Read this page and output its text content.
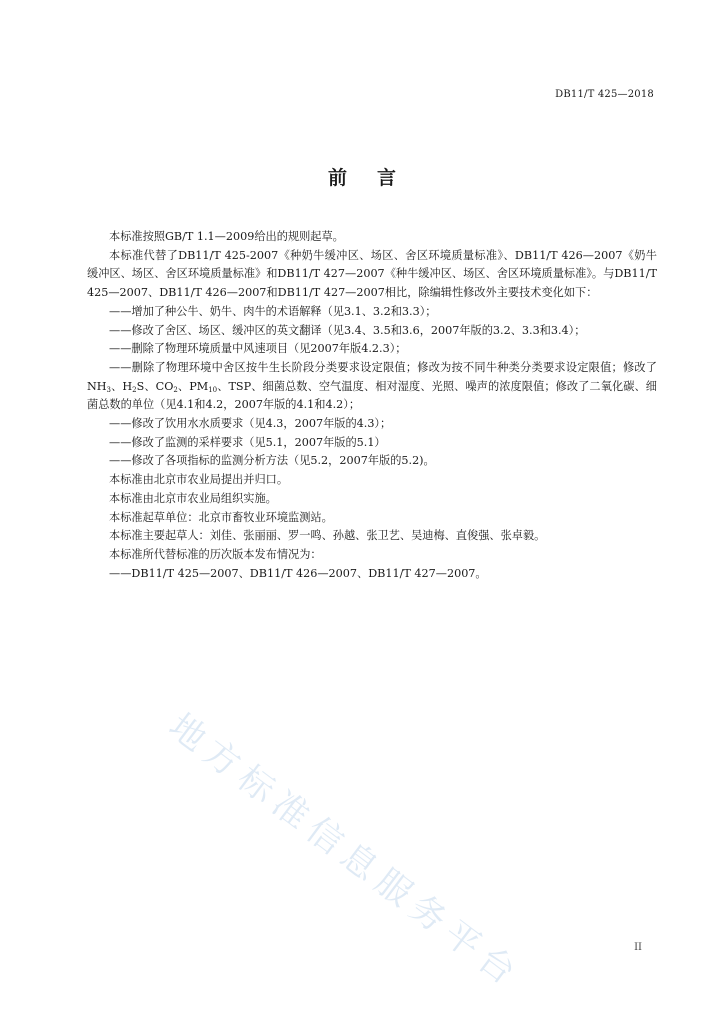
DB11/T 425—2018
前言

本标准按照GB/T 1.1—2009给出的规则起草。

本标准代替了DB11/T 425-2007《种奶牛缓冲区、场区、舍区环境质量标准》、DB11/T 426—2007《奶牛缓冲区、场区、舍区环境质量标准》和DB11/T 427—2007《种牛缓冲区、场区、舍区环境质量标准》。与DB11/T 425—2007、DB11/T 426—2007和DB11/T 427—2007相比，除编辑性修改外主要技术变化如下：

——增加了种公牛、奶牛、肉牛的术语解释（见3.1、3.2和3.3）；

——修改了舍区、场区、缓冲区的英文翻译（见3.4、3.5和3.6，2007年版的3.2、3.3和3.4）；

——删除了物理环境质量中风速项目（见2007年版4.2.3）；

——删除了物理环境中舍区按牛生长阶段分类要求设定限值；修改为按不同牛种类分类要求设定限值；修改了$NH_3$、$H_2S$、$CO_2$、$PM_{10}$、TSP、细菌总数、空气温度、相对湿度、光照、噪声的浓度限值；修改了二氧化碳、细菌总数的单位（见4.1和4.2，2007年版的4.1和4.2）；

——修改了饮用水水质要求（见4.3，2007年版的4.3）；

——修改了监测的采样要求（见5.1，2007年版的5.1）

——修改了各项指标的监测分析方法（见5.2，2007年版的5.2)。

本标准由北京市农业局提出并归口。

本标准由北京市农业局组织实施。

本标准起草单位：北京市畜牧业环境监测站。

本标准主要起草人：刘佳、张丽丽、罗一鸣、孙越、张卫艺、吴迪梅、直俊强、张卓毅。

本标准所代替标准的历次版本发布情况为：

——DB11/T 425—2007、DB11/T 426—2007、DB11/T 427—2007。

地方标准信息服务平台	II
